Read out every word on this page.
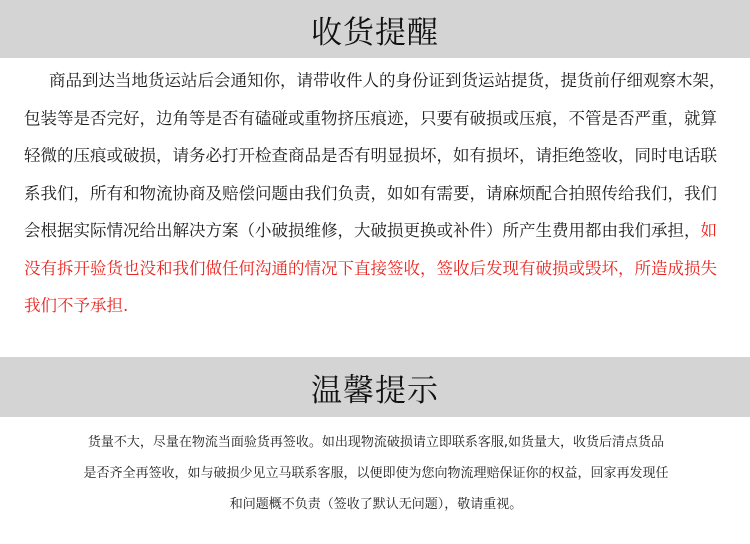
收货提醒

商品到达当地货运站后会通知你，请带收件人的身份证到货运站提货，提货前仔细观察木架，包装等是否完好，边角等是否有磕碰或重物挤压痕迹，只要有破损或压痕，不管是否严重，就算轻微的压痕或破损，请务必打开检查商品是否有明显损坏，如有损坏，请拒绝签收，同时电话联系我们，所有和物流协商及赔偿问题由我们负责，如如有需要，请麻烦配合拍照传给我们，我们会根据实际情况给出解决方案（小破损维修，大破损更换或补件）所产生费用都由我们承担，如没有拆开验货也没和我们做任何沟通的情况下直接签收，签收后发现有破损或毁坏，所造成损失我们不予承担.

温馨提示

货量不大，尽量在物流当面验货再签收。如出现物流破损请立即联系客服,如货量大，收货后清点货品

是否齐全再签收，如与破损少见立马联系客服，以便即使为您向物流理赔保证你的权益，回家再发现任

和问题概不负责（签收了默认无问题），敬请重视。
